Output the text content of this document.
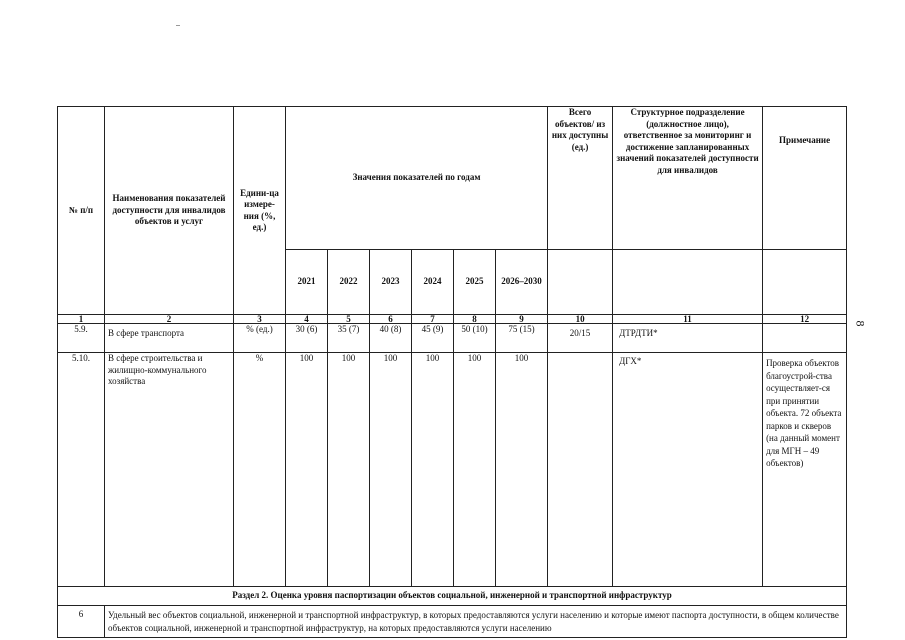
8
№ п/п	Наименования показателей доступности для инвалидов объектов и услуг	Едини-ца измере-ния (%, ед.)	Значения показателей по годам						Всего объектов/ из них доступны (ед.)	Структурное подразделение (должностное лицо), ответственное за мониторинг и достижение запланированных значений показателей доступности для инвалидов	Примечание
			2021	2022	2023	2024	2025	2026–2030			
1	2	3	4	5	6	7	8	9	10	11	12
5.9.	В сфере транспорта	% (ед.)	30 (6)	35 (7)	40 (8)	45 (9)	50 (10)	75 (15)	20/15	ДТРДТИ*	
5.10.	В сфере строительства и жилищно-коммунального хозяйства	%	100	100	100	100	100	100		ДГХ*	Проверка объектов благоустрой-ства осуществляет-ся при принятии объекта. 72 объекта парков и скверов (на данный момент для МГН – 49 объектов)
Раздел 2. Оценка уровня паспортизации объектов социальной, инженерной и транспортной инфраструктур											
6	Удельный вес объектов социальной, инженерной и транспортной инфраструктур, в которых предоставляются услуги населению и которые имеют паспорта доступности, в общем количестве объектов социальной, инженерной и транспортной инфраструктур, на которых предоставляются услуги населению										
